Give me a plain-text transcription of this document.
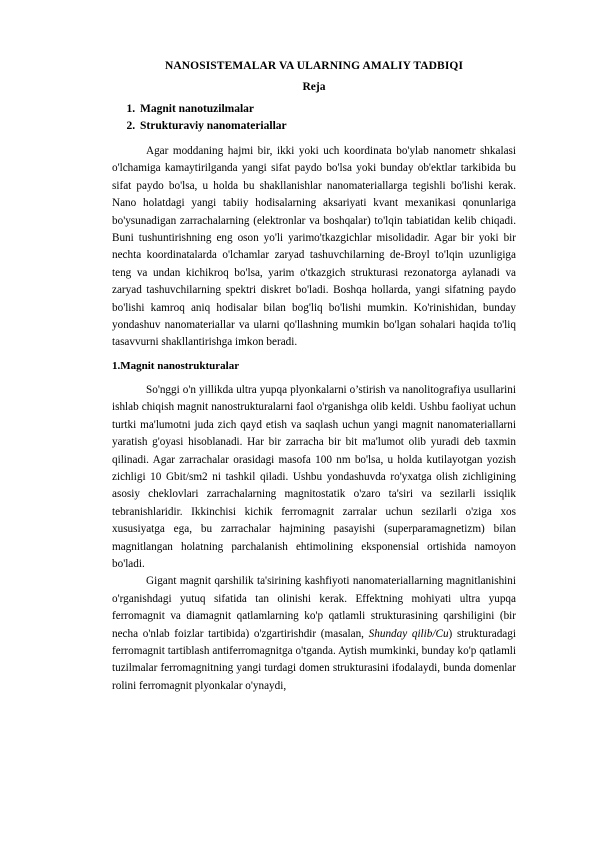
NANOSISTEMALAR VA ULARNING AMALIY TADBIQI
Reja
1. Magnit nanotuzilmalar
2. Strukturaviy nanomateriallar

Agar moddaning hajmi bir, ikki yoki uch koordinata bo'ylab nanometr shkalasi o'lchamiga kamaytirilganda yangi sifat paydo bo'lsa yoki bunday ob'ektlar tarkibida bu sifat paydo bo'lsa, u holda bu shakllanishlar nanomateriallarga tegishli bo'lishi kerak. Nano holatdagi yangi tabiiy hodisalarning aksariyati kvant mexanikasi qonunlariga bo'ysunadigan zarrachalarning (elektronlar va boshqalar) to'lqin tabiatidan kelib chiqadi. Buni tushuntirishning eng oson yo'li yarimo'tkazgichlar misolidadir. Agar bir yoki bir nechta koordinatalarda o'lchamlar zaryad tashuvchilarning de-Broyl to'lqin uzunligiga teng va undan kichikroq bo'lsa, yarim o'tkazgich strukturasi rezonatorga aylanadi va zaryad tashuvchilarning spektri diskret bo'ladi. Boshqa hollarda, yangi sifatning paydo bo'lishi kamroq aniq hodisalar bilan bog'liq bo'lishi mumkin. Ko'rinishidan, bunday yondashuv nanomateriallar va ularni qo'llashning mumkin bo'lgan sohalari haqida to'liq tasavvurni shakllantirishga imkon beradi.

1.Magnit nanostrukturalar

So'nggi o'n yillikda ultra yupqa plyonkalarni o’stirish va nanolitografiya usullarini ishlab chiqish magnit nanostrukturalarni faol o'rganishga olib keldi. Ushbu faoliyat uchun turtki ma'lumotni juda zich qayd etish va saqlash uchun yangi magnit nanomateriallarni yaratish g'oyasi hisoblanadi. Har bir zarracha bir bit ma'lumot olib yuradi deb taxmin qilinadi. Agar zarrachalar orasidagi masofa 100 nm bo'lsa, u holda kutilayotgan yozish zichligi 10 Gbit/sm2 ni tashkil qiladi. Ushbu yondashuvda ro'yxatga olish zichligining asosiy cheklovlari zarrachalarning magnitostatik o'zaro ta'siri va sezilarli issiqlik tebranishlaridir. Ikkinchisi kichik ferromagnit zarralar uchun sezilarli o'ziga xos xususiyatga ega, bu zarrachalar hajmining pasayishi (superparamagnetizm) bilan magnitlangan holatning parchalanish ehtimolining eksponensial ortishida namoyon bo'ladi.

Gigant magnit qarshilik ta'sirining kashfiyoti nanomateriallarning magnitlanishini o'rganishdagi yutuq sifatida tan olinishi kerak. Effektning mohiyati ultra yupqa ferromagnit va diamagnit qatlamlarning ko'p qatlamli strukturasining qarshiligini (bir necha o'nlab foizlar tartibida) o'zgartirishdir (masalan, Shunday qilib/Cu) strukturadagi ferromagnit tartiblash antiferromagnitga o'tganda. Aytish mumkinki, bunday ko'p qatlamli tuzilmalar ferromagnitning yangi turdagi domen strukturasini ifodalaydi, bunda domenlar rolini ferromagnit plyonkalar o'ynaydi,
